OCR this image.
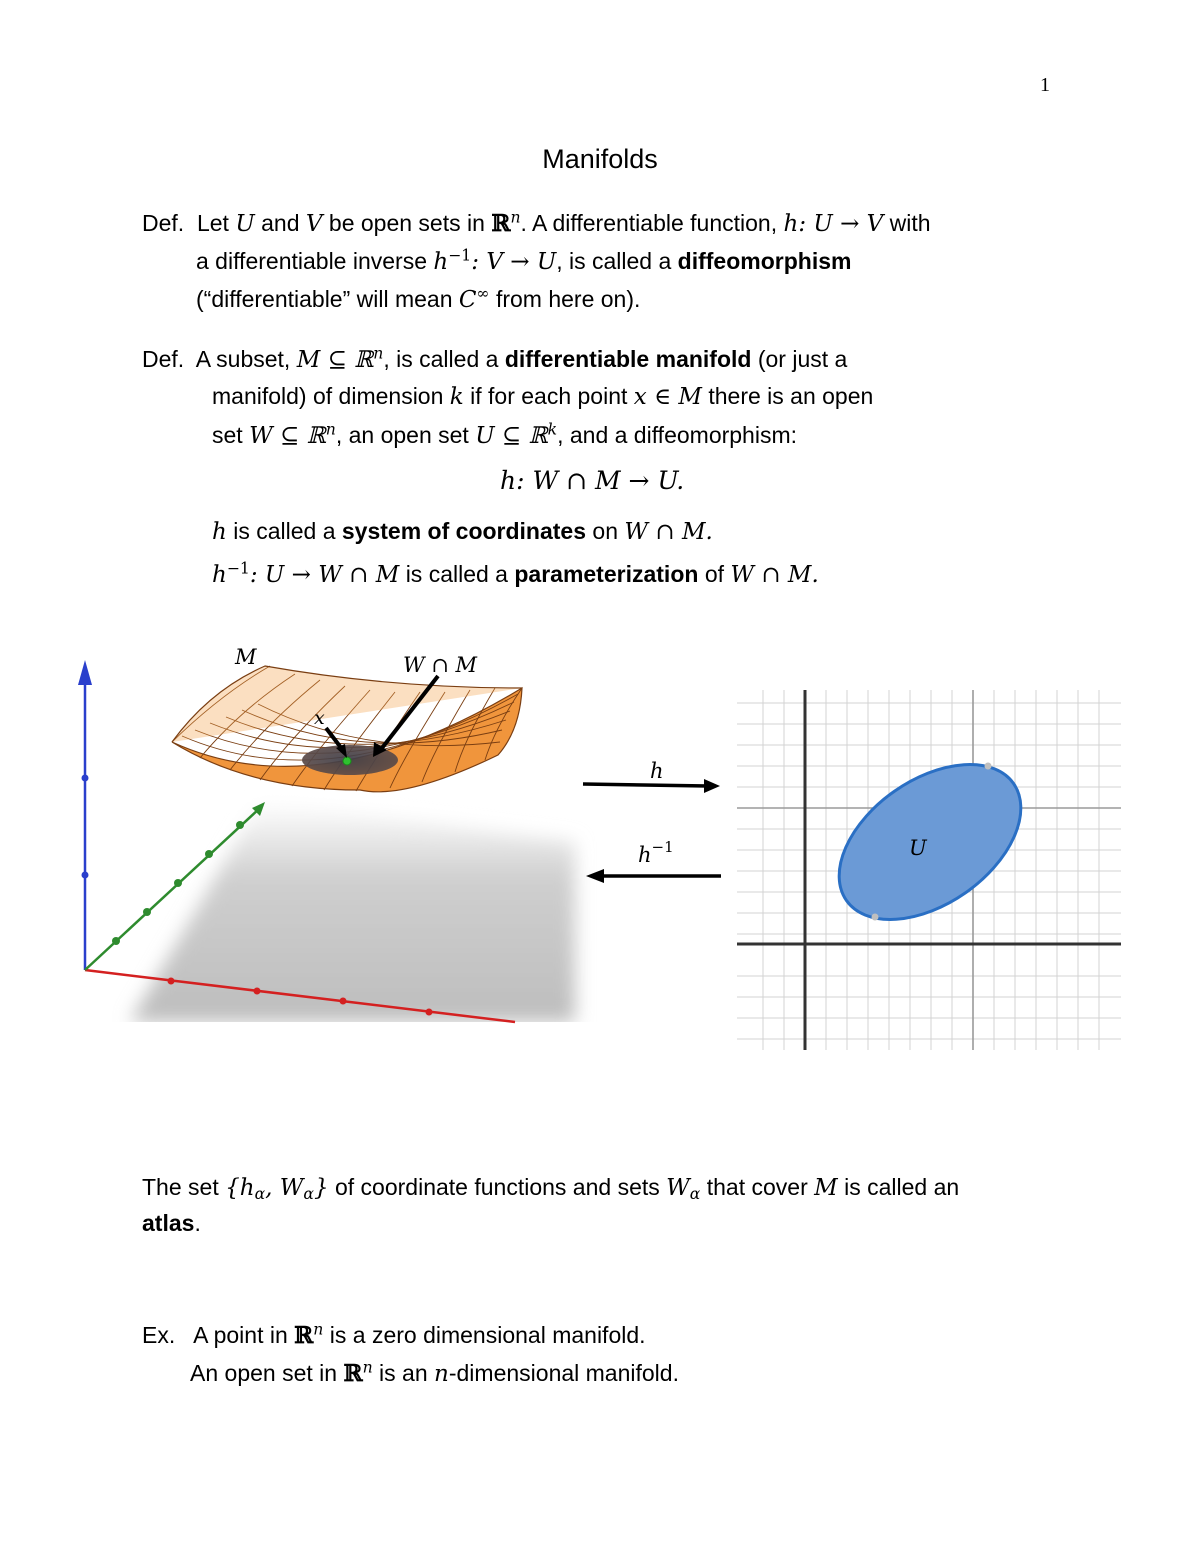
1
Manifolds
Def. Let U and V be open sets in ℝ$^n$. A differentiable function, h: U → V with
a differentiable inverse $h^{-1}$: V → U, is called a diffeomorphism
(“differentiable” will mean C∞ from here on).
Def. A subset, M ⊆ ℝ$^n$, is called a differentiable manifold (or just a
manifold) of dimension k if for each point x ∈ M there is an open
set W ⊆ ℝ$^n$, an open set U ⊆ ℝ$^k$, and a diffeomorphism:
h: W ∩ M → U.
h is called a system of coordinates on W ∩ M.
$h^{-1}$: U → W ∩ M is called a parameterization of W ∩ M.
M	W ∩ M
x
h
$h^{-1}$	U
The set {$h_\alpha$, $W_\alpha$} of coordinate functions and sets $W_\alpha$ that cover M is called an
atlas.
Ex. A point in ℝ$^n$ is a zero dimensional manifold.
An open set in ℝ$^n$ is an n-dimensional manifold.
